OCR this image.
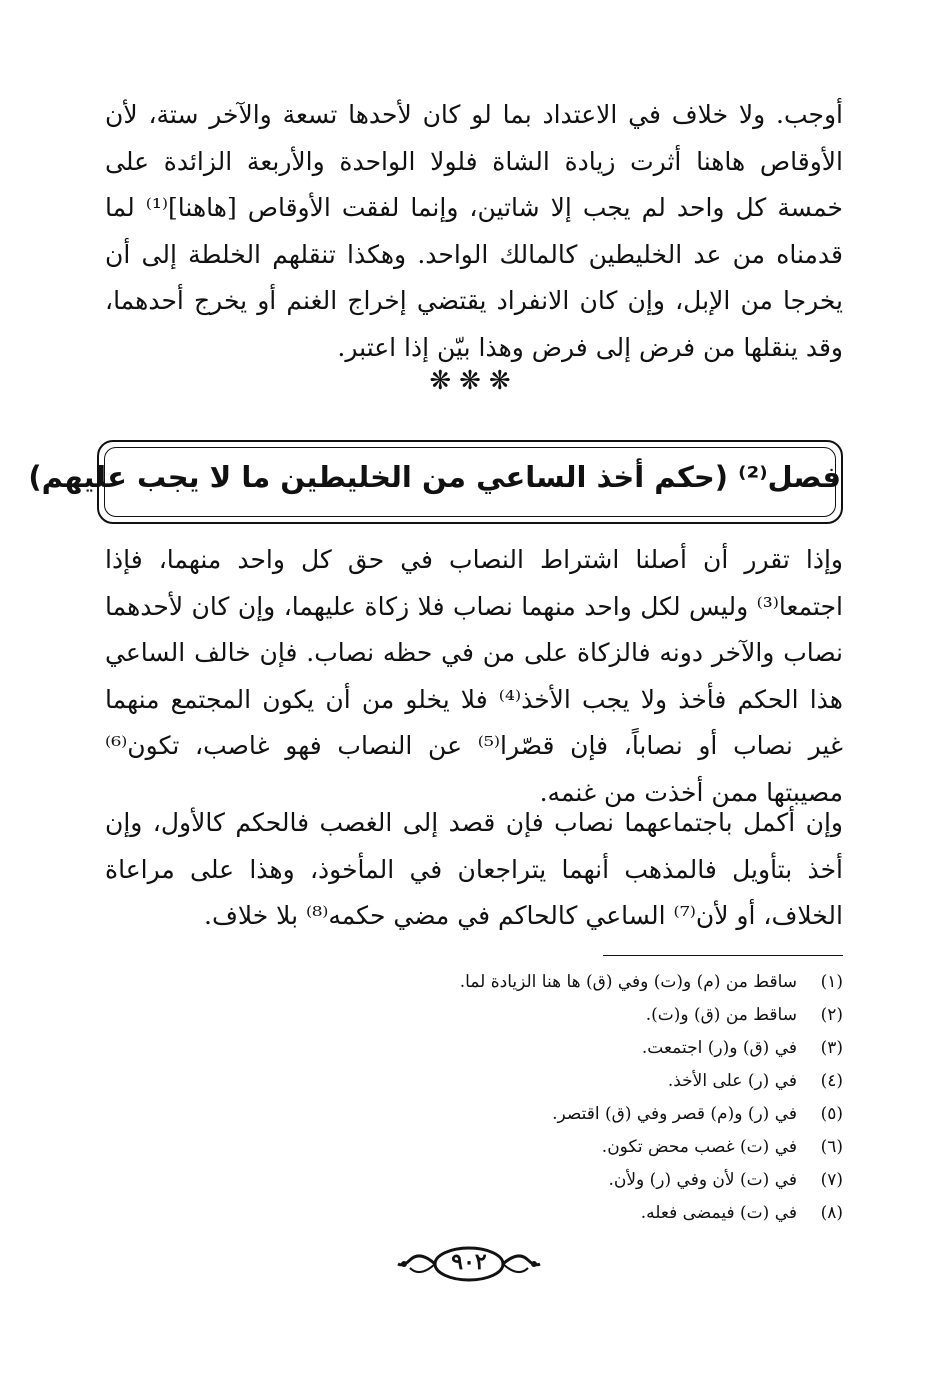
أوجب. ولا خلاف في الاعتداد بما لو كان لأحدها تسعة والآخر ستة، لأن الأوقاص هاهنا أثرت زيادة الشاة فلولا الواحدة والأربعة الزائدة على خمسة كل واحد لم يجب إلا شاتين، وإنما لفقت الأوقاص [هاهنا]⁽¹⁾ لما قدمناه من عد الخليطين كالمالك الواحد. وهكذا تنقلهم الخلطة إلى أن يخرجا من الإبل، وإن كان الانفراد يقتضي إخراج الغنم أو يخرج أحدهما، وقد ينقلها من فرض إلى فرض وهذا بيّن إذا اعتبر.

❋❋❋
فصل⁽²⁾ (حكم أخذ الساعي من الخليطين ما لا يجب عليهم)

وإذا تقرر أن أصلنا اشتراط النصاب في حق كل واحد منهما، فإذا اجتمعا⁽³⁾ وليس لكل واحد منهما نصاب فلا زكاة عليهما، وإن كان لأحدهما نصاب والآخر دونه فالزكاة على من في حظه نصاب. فإن خالف الساعي هذا الحكم فأخذ ولا يجب الأخذ⁽⁴⁾ فلا يخلو من أن يكون المجتمع منهما غير نصاب أو نصاباً، فإن قصّرا⁽⁵⁾ عن النصاب فهو غاصب، تكون⁽⁶⁾ مصيبتها ممن أخذت من غنمه.

وإن أكمل باجتماعهما نصاب فإن قصد إلى الغصب فالحكم كالأول، وإن أخذ بتأويل فالمذهب أنهما يتراجعان في المأخوذ، وهذا على مراعاة الخلاف، أو لأن⁽⁷⁾ الساعي كالحاكم في مضي حكمه⁽⁸⁾ بلا خلاف.

(١)
ساقط من (م) و(ت) وفي (ق) ها هنا الزيادة لما.
(٢)
ساقط من (ق) و(ت).
(٣)
في (ق) و(ر) اجتمعت.
(٤)
في (ر) على الأخذ.
(٥)
في (ر) و(م) قصر وفي (ق) اقتصر.
(٦)
في (ت) غصب محض تكون.
(٧)
في (ت) لأن وفي (ر) ولأن.
(٨)
في (ت) فيمضى فعله.
٩٠٢
